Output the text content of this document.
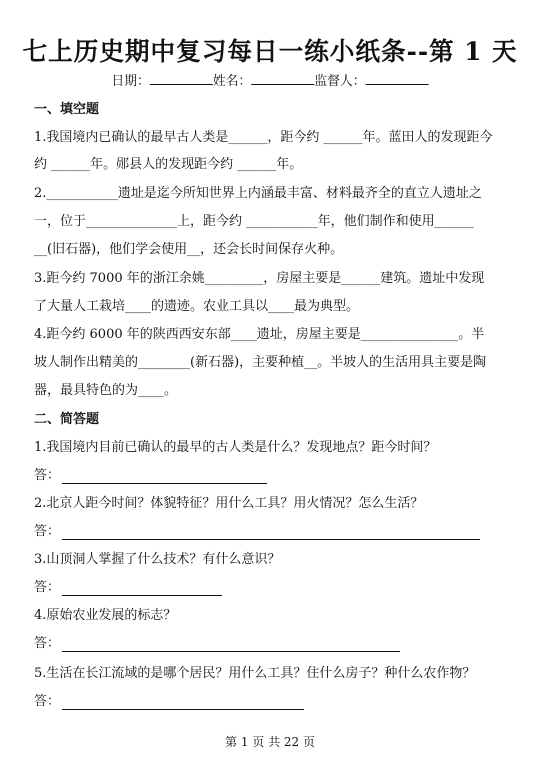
七上历史期中复习每日一练小纸条--第 1 天
日期：	姓名：	监督人：
一、填空题
1.我国境内已确认的最早古人类是______，距今约 ______年。蓝田人的发现距今
约 ______年。郧县人的发现距今约 ______年。
2.___________遗址是迄今所知世界上内涵最丰富、材料最齐全的直立人遗址之
一，位于______________上，距今约 ___________年，他们制作和使用______
__(旧石器)，他们学会使用__，还会长时间保存火种。
3.距今约 7000 年的浙江余姚_________，房屋主要是______建筑。遗址中发现
了大量人工栽培____的遗迹。农业工具以____最为典型。
4.距今约 6000 年的陕西西安东部____遗址，房屋主要是_______________。半
坡人制作出精美的________(新石器)，主要种植__。半坡人的生活用具主要是陶
器，最具特色的为____。
二、简答题
1.我国境内目前已确认的最早的古人类是什么？发现地点？距今时间？
答：
2.北京人距今时间？体貌特征？用什么工具？用火情况？怎么生活？
答：
3.山顶洞人掌握了什么技术？有什么意识？
答：
4.原始农业发展的标志？
答：
5.生活在长江流域的是哪个居民？用什么工具？住什么房子？种什么农作物？
答：
第 1 页 共 22 页
